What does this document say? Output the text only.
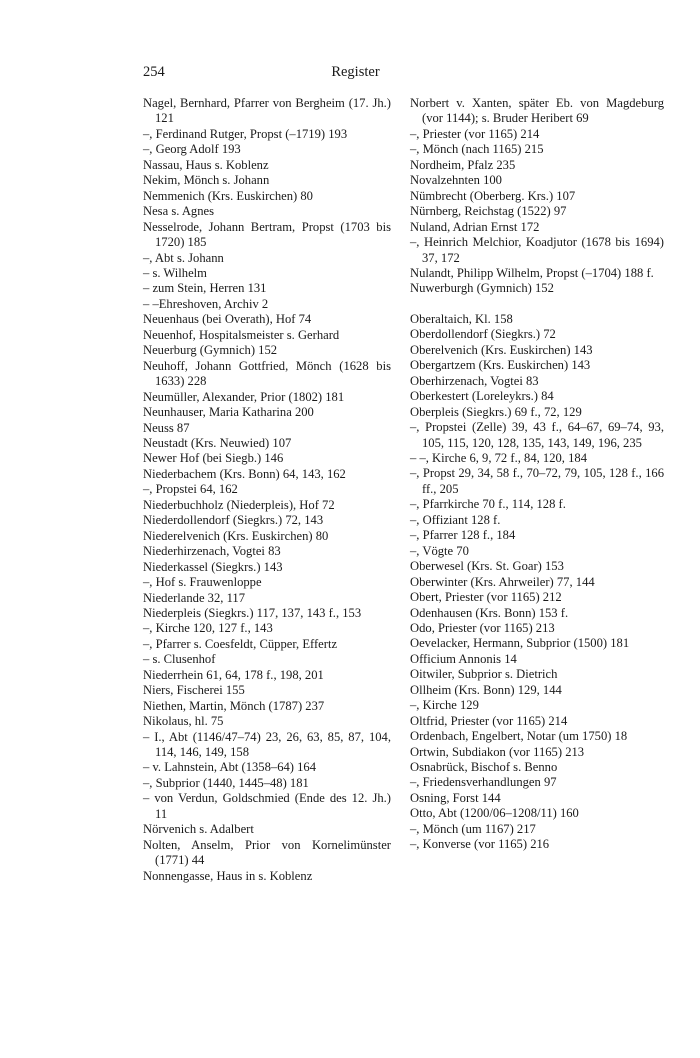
254	Register

Nagel, Bernhard, Pfarrer von Bergheim (17. Jh.) 121

–, Ferdinand Rutger, Propst (–1719) 193

–, Georg Adolf 193

Nassau, Haus s. Koblenz

Nekim, Mönch s. Johann

Nemmenich (Krs. Euskirchen) 80

Nesa s. Agnes

Nesselrode, Johann Bertram, Propst (1703 bis 1720) 185

–, Abt s. Johann

– s. Wilhelm

– zum Stein, Herren 131

– –Ehreshoven, Archiv 2

Neuenhaus (bei Overath), Hof 74

Neuenhof, Hospitalsmeister s. Gerhard

Neuerburg (Gymnich) 152

Neuhoff, Johann Gottfried, Mönch (1628 bis 1633) 228

Neumüller, Alexander, Prior (1802) 181

Neunhauser, Maria Katharina 200

Neuss 87

Neustadt (Krs. Neuwied) 107

Newer Hof (bei Siegb.) 146

Niederbachem (Krs. Bonn) 64, 143, 162

–, Propstei 64, 162

Niederbuchholz (Niederpleis), Hof 72

Niederdollendorf (Siegkrs.) 72, 143

Niederelvenich (Krs. Euskirchen) 80

Niederhirzenach, Vogtei 83

Niederkassel (Siegkrs.) 143

–, Hof s. Frauwenloppe

Niederlande 32, 117

Niederpleis (Siegkrs.) 117, 137, 143 f., 153

–, Kirche 120, 127 f., 143

–, Pfarrer s. Coesfeldt, Cüpper, Effertz

– s. Clusenhof

Niederrhein 61, 64, 178 f., 198, 201

Niers, Fischerei 155

Niethen, Martin, Mönch (1787) 237

Nikolaus, hl. 75

– I., Abt (1146/47–74) 23, 26, 63, 85, 87, 104, 114, 146, 149, 158

– v. Lahnstein, Abt (1358–64) 164

–, Subprior (1440, 1445–48) 181

– von Verdun, Goldschmied (Ende des 12. Jh.) 11

Nörvenich s. Adalbert

Nolten, Anselm, Prior von Kornelimünster (1771) 44

Nonnengasse, Haus in s. Koblenz

Norbert v. Xanten, später Eb. von Magdeburg (vor 1144); s. Bruder Heribert 69

–, Priester (vor 1165) 214

–, Mönch (nach 1165) 215

Nordheim, Pfalz 235

Novalzehnten 100

Nümbrecht (Oberberg. Krs.) 107

Nürnberg, Reichstag (1522) 97

Nuland, Adrian Ernst 172

–, Heinrich Melchior, Koadjutor (1678 bis 1694) 37, 172

Nulandt, Philipp Wilhelm, Propst (–1704) 188 f.

Nuwerburgh (Gymnich) 152

Oberaltaich, Kl. 158

Oberdollendorf (Siegkrs.) 72

Oberelvenich (Krs. Euskirchen) 143

Obergartzem (Krs. Euskirchen) 143

Oberhirzenach, Vogtei 83

Oberkestert (Loreleykrs.) 84

Oberpleis (Siegkrs.) 69 f., 72, 129

–, Propstei (Zelle) 39, 43 f., 64–67, 69–74, 93, 105, 115, 120, 128, 135, 143, 149, 196, 235

– –, Kirche 6, 9, 72 f., 84, 120, 184

–, Propst 29, 34, 58 f., 70–72, 79, 105, 128 f., 166 ff., 205

–, Pfarrkirche 70 f., 114, 128 f.

–, Offiziant 128 f.

–, Pfarrer 128 f., 184

–, Vögte 70

Oberwesel (Krs. St. Goar) 153

Oberwinter (Krs. Ahrweiler) 77, 144

Obert, Priester (vor 1165) 212

Odenhausen (Krs. Bonn) 153 f.

Odo, Priester (vor 1165) 213

Oevelacker, Hermann, Subprior (1500) 181

Officium Annonis 14

Oitwiler, Subprior s. Dietrich

Ollheim (Krs. Bonn) 129, 144

–, Kirche 129

Oltfrid, Priester (vor 1165) 214

Ordenbach, Engelbert, Notar (um 1750) 18

Ortwin, Subdiakon (vor 1165) 213

Osnabrück, Bischof s. Benno

–, Friedensverhandlungen 97

Osning, Forst 144

Otto, Abt (1200/06–1208/11) 160

–, Mönch (um 1167) 217

–, Konverse (vor 1165) 216
